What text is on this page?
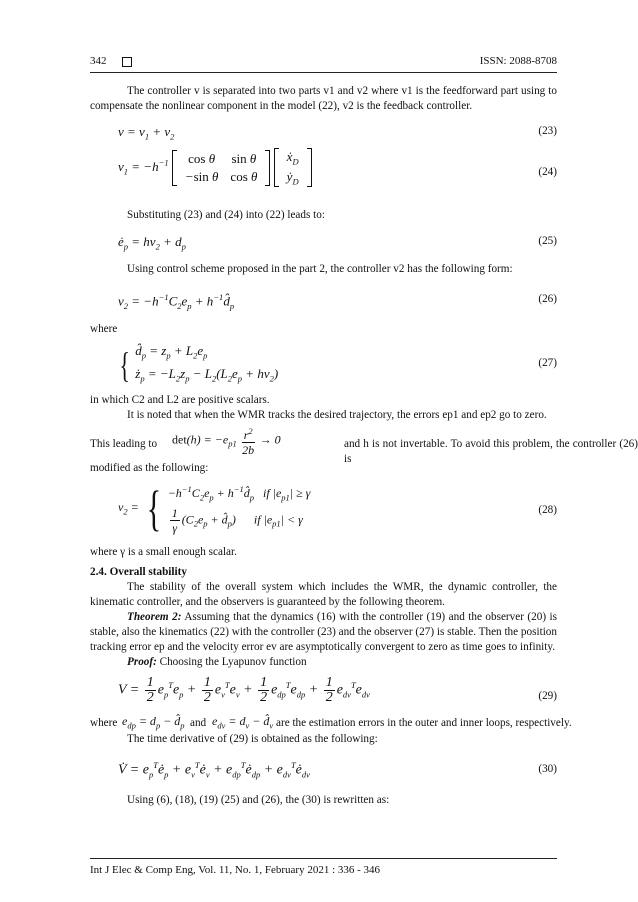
342	ISSN: 2088-8708
The controller v is separated into two parts v1 and v2 where v1 is the feedforward part using to compensate the nonlinear component in the model (22), v2 is the feedback controller.
$v = v_1 + v_2$	(23)
$v_1 = -h^{-1}$ cos θ	sin θ
−sin θ	cos θ

ẋ$_D$
ẏ$_D$
(24)
Substituting (23) and (24) into (22) leads to:
$ė_p = hv_2 + d_p$	(25)
Using control scheme proposed in the part 2, the controller v2 has the following form:
$v_2 = -h^{-1}C_2e_p$ + $h^{-1}d̂_p$
(26)
where
{ $d̂_p = z_p + L_2e_p$
$ż_p = -L_2z_p - L_2(L_2e_p + hv_2)$
(27)
in which C2 and L2 are positive scalars.
It is noted that when the WMR tracks the desired trajectory, the errors ep1 and ep2 go to zero.
This leading to $\det(h) = -e_{p1} \frac{r^2}{2b} \to 0$	and h is not invertable. To avoid this problem, the controller (26) is
modified as the following:
$v_2$ = { $-h^{-1}C_2e_p$ + $h^{-1}d̂_p$   if $|e_{p1}| \ge \gamma$
$\frac{1}{\gamma} (C_2e_p$ + $d̂_p$)      if $|e_{p1}| < \gamma$
(28)
where γ is a small enough scalar.
2.4. Overall stability
The stability of the overall system which includes the WMR, the dynamic controller, the kinematic controller, and the observers is guaranteed by the following theorem.
Theorem 2: Assuming that the dynamics (16) with the controller (19) and the observer (20) is stable, also the kinematics (22) with the controller (23) and the observer (27) is stable. Then the position tracking error ep and the velocity error ev are asymptotically convergent to zero as time goes to infinity.
Proof: Choosing the Lyapunov function
$V = \frac{1}{2} e_p^Te_p + \frac{1}{2} e_v^Te_v + \frac{1}{2} e_{dp}^Te_{dp} + \frac{1}{2} e_{dv}^Te_{dv}$	(29)
where $e_{dp} = d_p$ − $d̂_p$ and $e_{dv} = d_v$ − $d̂_v$ are the estimation errors in the outer and inner loops, respectively.
The time derivative of (29) is obtained as the following:
V̇ = $e_p^Tė_p$ + $e_v^Tė_v$ + $e_{dp}^Tė_{dp}$ + $e_{dv}^Tė_{dv}$	(30)
Using (6), (18), (19) (25) and (26), the (30) is rewritten as:
Int J Elec & Comp Eng, Vol. 11, No. 1, February 2021 : 336 - 346
